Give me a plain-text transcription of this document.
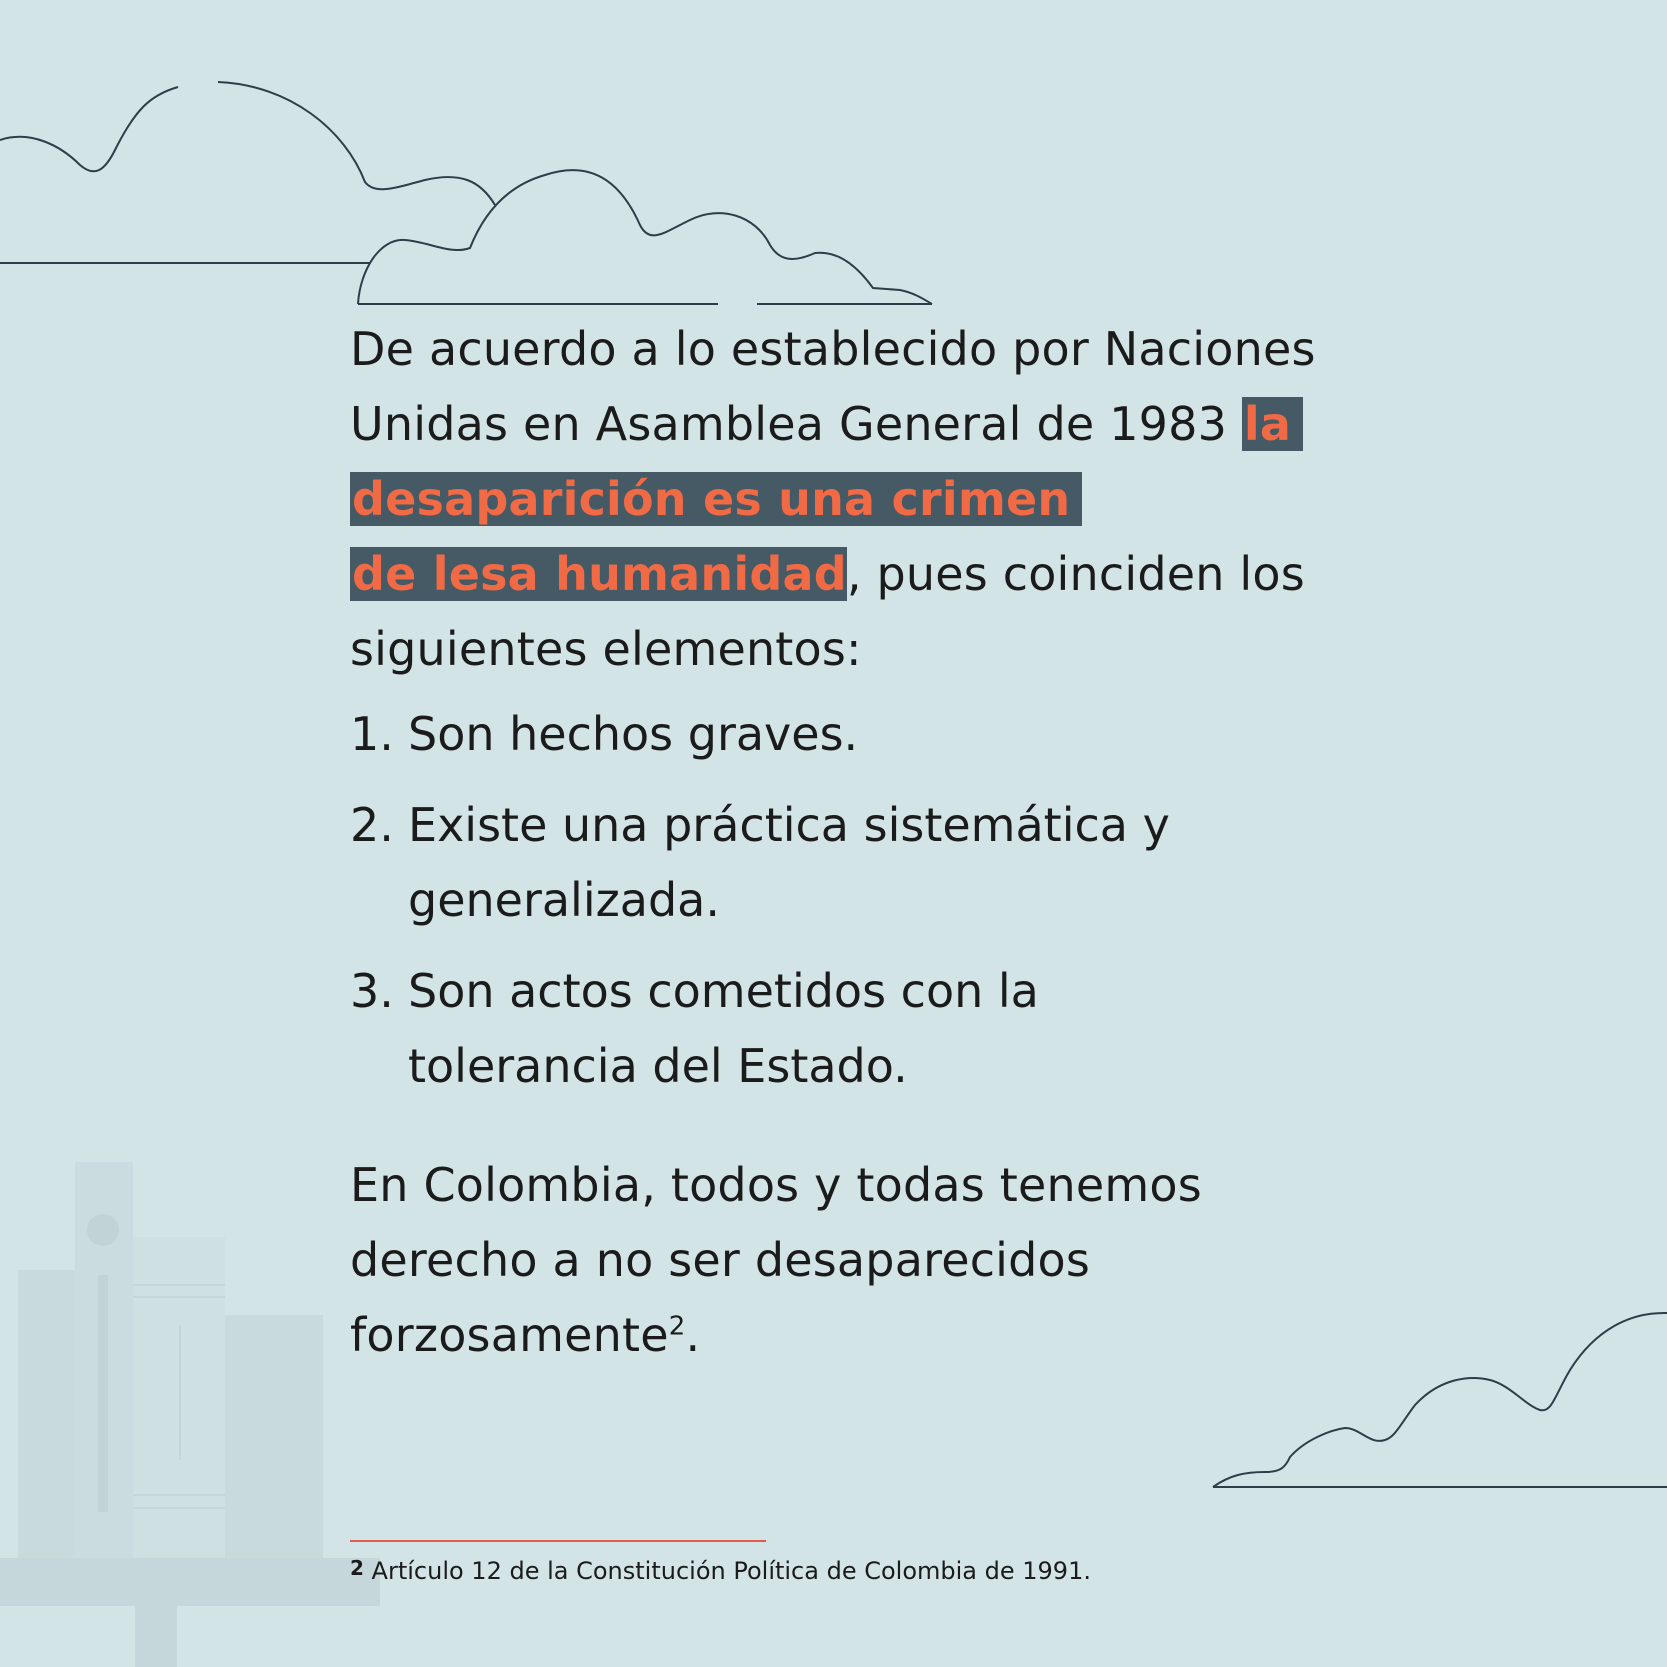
De acuerdo a lo establecido por Naciones Unidas en Asamblea General de 1983 la desaparición es una crimen
de lesa humanidad, pues coinciden los siguientes elementos:

1. Son hechos graves.
2. Existe una práctica sistemática y generalizada.
3. Son actos cometidos con la tolerancia del Estado.

En Colombia, todos y todas tenemos derecho a no ser desaparecidos forzosamente$^2$.

2 Artículo 12 de la Constitución Política de Colombia de 1991.
